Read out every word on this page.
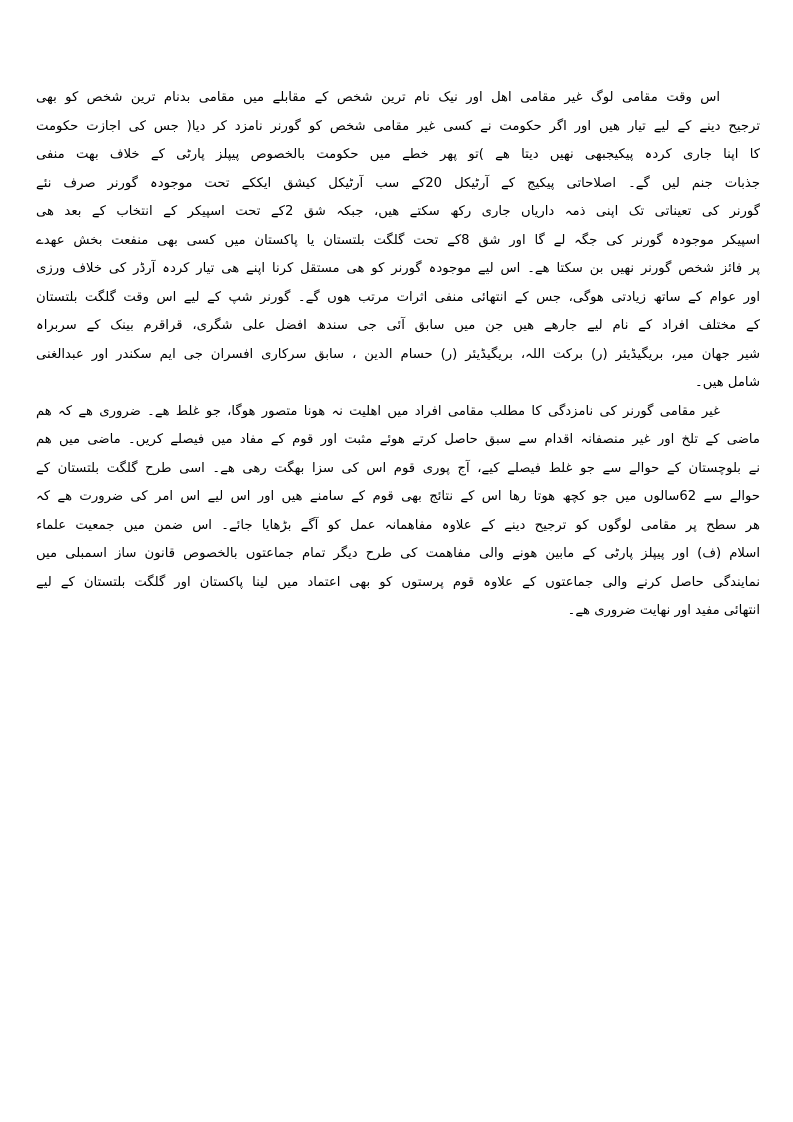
اس وقت مقامی لوگ غیر مقامی اھل اور نیک نام ترین شخص کے مقابلے میں مقامی بدنام ترین شخص کو بھی
ترجیح دینے کے لیے تیار ھیں اور اگر حکومت نے کسی غیر مقامی شخص کو گورنر نامزد کر دیا( جس کی اجازت حکومت
کا اپنا جاری کردہ پیکیجبھی نھیں دیتا ھے )تو پھر خطے میں حکومت بالخصوص پیپلز پارٹی کے خلاف بھت منفی
جذبات جنم لیں گے۔ اصلاحاتی پیکیج کے آرٹیکل 20کے سب آرٹیکل کیشق ایککے تحت موجودہ گورنر صرف نئے
گورنر کی تعیناتی تک اپنی ذمہ داریاں جاری رکھ سکتے ھیں، جبکہ شق 2کے تحت اسپیکر کے انتخاب کے بعد ھی
اسپیکر موجودہ گورنر کی جگہ لے گا اور شق 8کے تحت گلگت بلتستان یا پاکستان میں کسی بھی منفعت بخش عھدے
پر فائز شخص گورنر نھیں بن سکتا ھے۔ اس لیے موجودہ گورنر کو ھی مستقل کرنا اپنے ھی تیار کردہ آرڈر کی خلاف ورزی
اور عوام کے ساتھ زیادتی ھوگی، جس کے انتھائی منفی اثرات مرتب ھوں گے۔ گورنر شپ کے لیے اس وقت گلگت بلتستان
کے مختلف افراد کے نام لیے جارھے ھیں جن میں سابق آئی جی سندھ افضل علی شگری، قراقرم بینک کے سربراہ
شیر جھان میر، بریگیڈیئر (ر) برکت اللہ، بریگیڈیئر (ر) حسام الدین ، سابق سرکاری افسران جی ایم سکندر اور عبدالغنی
شامل ھیں۔
غیر مقامی گورنر کی نامزدگی کا مطلب مقامی افراد میں اھلیت نہ ھونا متصور ھوگا، جو غلط ھے۔ ضروری ھے کہ ھم
ماضی کے تلخ اور غیر منصفانہ اقدام سے سبق حاصل کرتے ھوئے مثبت اور قوم کے مفاد میں فیصلے کریں۔ ماضی میں ھم
نے بلوچستان کے حوالے سے جو غلط فیصلے کیے، آج پوری قوم اس کی سزا بھگت رھی ھے۔ اسی طرح گلگت بلتستان کے
حوالے سے 62سالوں میں جو کچھ ھوتا رھا اس کے نتائج بھی قوم کے سامنے ھیں اور اس لیے اس امر کی ضرورت ھے کہ
ھر سطح پر مقامی لوگوں کو ترجیح دینے کے علاوہ مفاھمانہ عمل کو آگے بڑھایا جائے۔ اس ضمن میں جمعیت علماء
اسلام (ف) اور پیپلز پارٹی کے مابین ھونے والی مفاھمت کی طرح دیگر تمام جماعتوں بالخصوص قانون ساز اسمبلی میں
نمایندگی حاصل کرنے والی جماعتوں کے علاوہ قوم پرستوں کو بھی اعتماد میں لینا پاکستان اور گلگت بلتستان کے لیے
انتھائی مفید اور نھایت ضروری ھے۔
